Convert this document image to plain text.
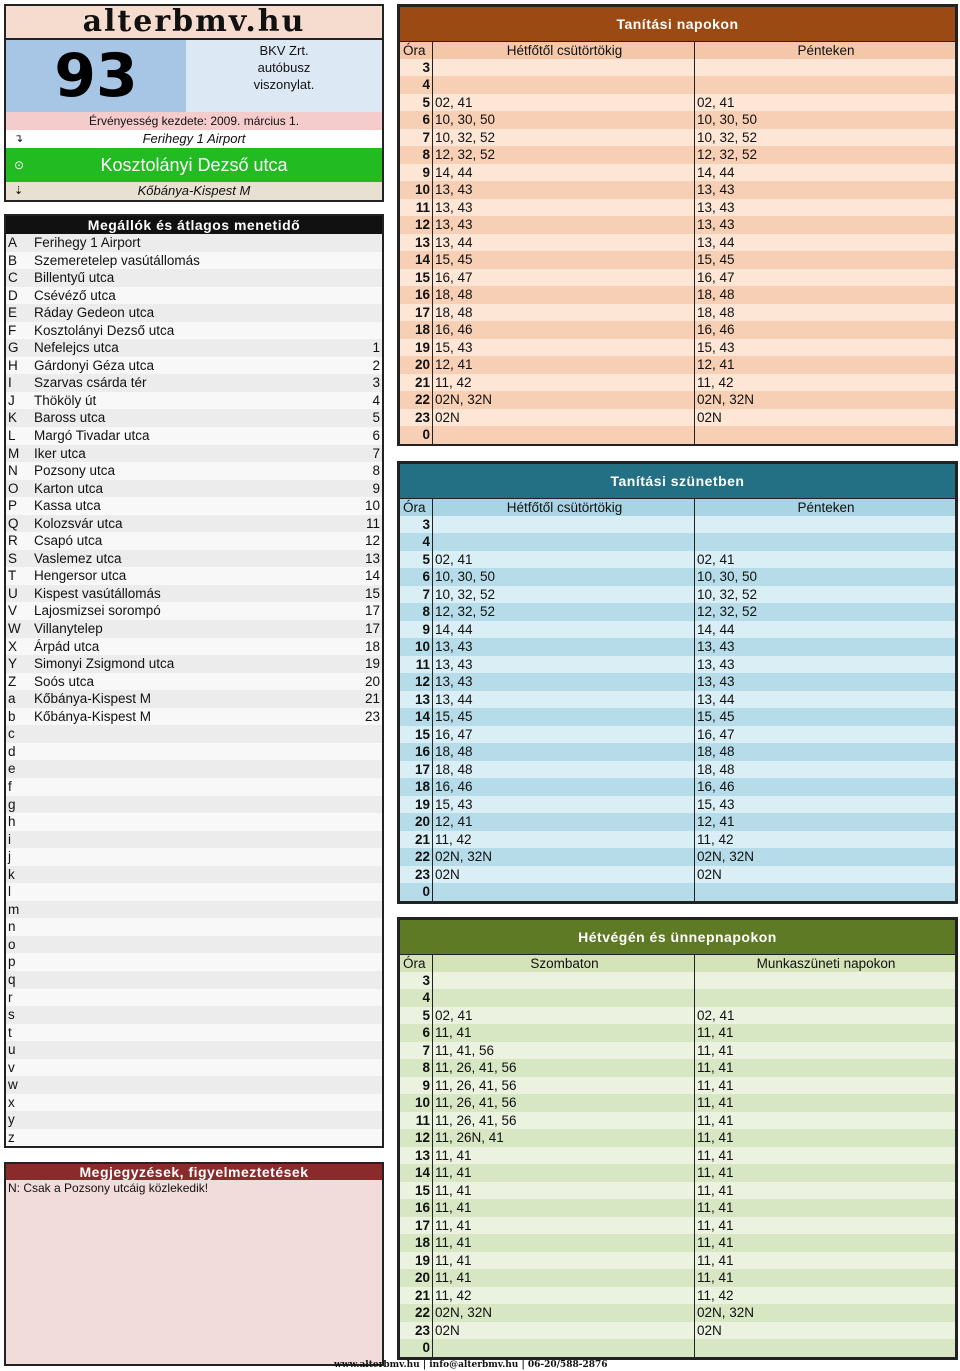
alterbmv.hu
93	BKV Zrt.
autóbusz
viszonylat.
Érvényesség kezdete: 2009. március 1.
↴	Ferihegy 1 Airport
⊙	Kosztolányi Dezső utca
⇣	Kőbánya-Kispest M
Megállók és átlagos menetidő
A Ferihegy 1 Airport
B Szemeretelep vasútállomás
C Billentyű utca
D Csévéző utca
E Ráday Gedeon utca
F Kosztolányi Dezső utca
G Nefelejcs utca	1
H Gárdonyi Géza utca	2
I Szarvas csárda tér	3
J Thököly út	4
K Baross utca	5
L Margó Tivadar utca	6
M Iker utca	7
N Pozsony utca	8
O Karton utca	9
P Kassa utca	10
Q Kolozsvár utca	11
R Csapó utca	12
S Vaslemez utca	13
T Hengersor utca	14
U Kispest vasútállomás	15
V Lajosmizsei sorompó	17
W Villanytelep	17
X Árpád utca	18
Y Simonyi Zsigmond utca	19
Z Soós utca	20
a Kőbánya-Kispest M	21
b Kőbánya-Kispest M	23
c
d
e
f
g
h
i
j
k
l
m
n
o
p
q
r
s
t
u
v
w
x
y
z
Megjegyzések, figyelmeztetések
N: Csak a Pozsony utcáig közlekedik!
Tanítási napokon
Óra	Hétfőtől csütörtökig	Pénteken
3
4
5 02, 41	02, 41
6 10, 30, 50	10, 30, 50
7 10, 32, 52	10, 32, 52
8 12, 32, 52	12, 32, 52
9 14, 44	14, 44
10 13, 43	13, 43
11 13, 43	13, 43
12 13, 43	13, 43
13 13, 44	13, 44
14 15, 45	15, 45
15 16, 47	16, 47
16 18, 48	18, 48
17 18, 48	18, 48
18 16, 46	16, 46
19 15, 43	15, 43
20 12, 41	12, 41
21 11, 42	11, 42
22 02N, 32N	02N, 32N
23 02N	02N
0
Tanítási szünetben
Óra	Hétfőtől csütörtökig	Pénteken
3
4
5 02, 41	02, 41
6 10, 30, 50	10, 30, 50
7 10, 32, 52	10, 32, 52
8 12, 32, 52	12, 32, 52
9 14, 44	14, 44
10 13, 43	13, 43
11 13, 43	13, 43
12 13, 43	13, 43
13 13, 44	13, 44
14 15, 45	15, 45
15 16, 47	16, 47
16 18, 48	18, 48
17 18, 48	18, 48
18 16, 46	16, 46
19 15, 43	15, 43
20 12, 41	12, 41
21 11, 42	11, 42
22 02N, 32N	02N, 32N
23 02N	02N
0
Hétvégén és ünnepnapokon
Óra	Szombaton	Munkaszüneti napokon
3
4
5 02, 41	02, 41
6 11, 41	11, 41
7 11, 41, 56	11, 41
8 11, 26, 41, 56	11, 41
9 11, 26, 41, 56	11, 41
10 11, 26, 41, 56	11, 41
11 11, 26, 41, 56	11, 41
12 11, 26N, 41	11, 41
13 11, 41	11, 41
14 11, 41	11, 41
15 11, 41	11, 41
16 11, 41	11, 41
17 11, 41	11, 41
18 11, 41	11, 41
19 11, 41	11, 41
20 11, 41	11, 41
21 11, 42	11, 42
22 02N, 32N	02N, 32N
23 02N	02N
0
www.alterbmv.hu | info@alterbmv.hu | 06-20/588-2876
